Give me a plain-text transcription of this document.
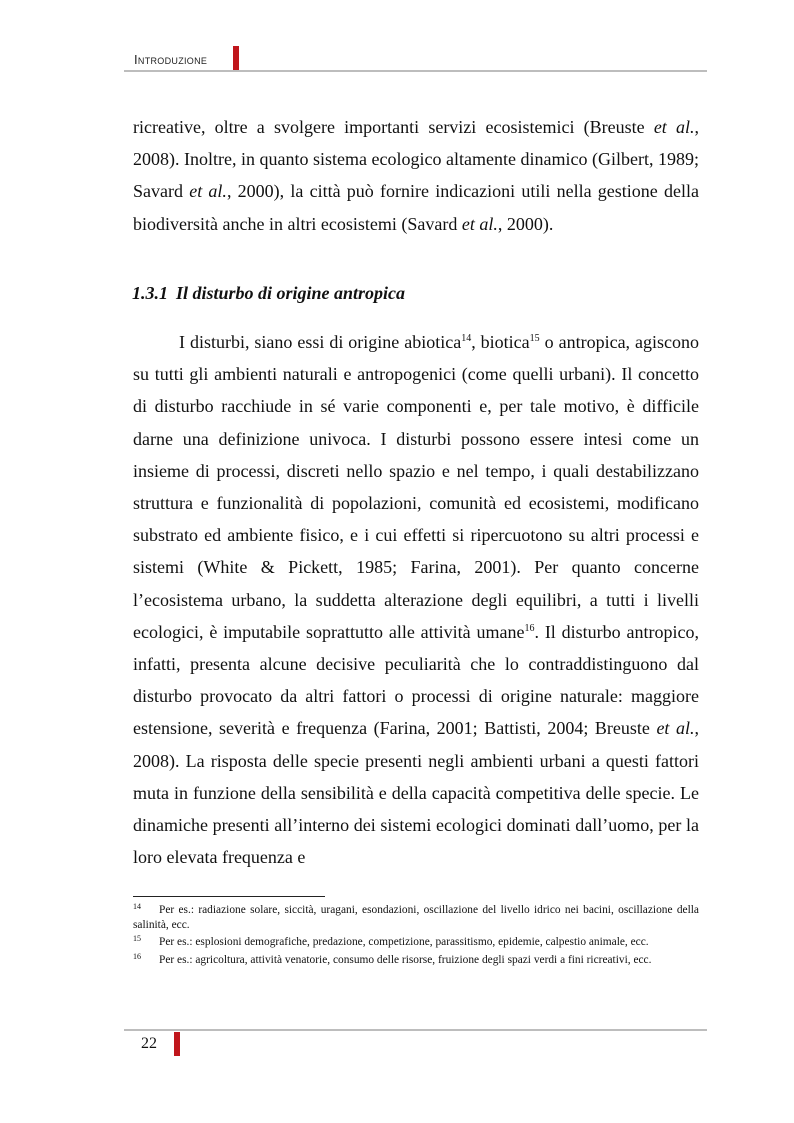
Introduzione

ricreative, oltre a svolgere importanti servizi ecosistemici (Breuste et al., 2008). Inoltre, in quanto sistema ecologico altamente dinamico (Gilbert, 1989; Savard et al., 2000), la città può fornire indicazioni utili nella gestione della biodiversità anche in altri ecosistemi (Savard et al., 2000).

1.3.1 Il disturbo di origine antropica

I disturbi, siano essi di origine abiotica$^{14}$, biotica$^{15}$ o antropica, agiscono su tutti gli ambienti naturali e antropogenici (come quelli urbani). Il concetto di disturbo racchiude in sé varie componenti e, per tale motivo, è difficile darne una definizione univoca. I disturbi possono essere intesi come un insieme di processi, discreti nello spazio e nel tempo, i quali destabilizzano struttura e funzionalità di popolazioni, comunità ed ecosistemi, modificano substrato ed ambiente fisico, e i cui effetti si ripercuotono su altri processi e sistemi (White & Pickett, 1985; Farina, 2001). Per quanto concerne l’ecosistema urbano, la suddetta alterazione degli equilibri, a tutti i livelli ecologici, è imputabile soprattutto alle attività umane$^{16}$. Il disturbo antropico, infatti, presenta alcune decisive peculiarità che lo contraddistinguono dal disturbo provocato da altri fattori o processi di origine naturale: maggiore estensione, severità e frequenza (Farina, 2001; Battisti, 2004; Breuste et al., 2008). La risposta delle specie presenti negli ambienti urbani a questi fattori muta in funzione della sensibilità e della capacità competitiva delle specie. Le dinamiche presenti all’interno dei sistemi ecologici dominati dall’uomo, per la loro elevata frequenza e

$^{14}$ Per es.: radiazione solare, siccità, uragani, esondazioni, oscillazione del livello idrico nei bacini, oscillazione della salinità, ecc.

$^{15}$ Per es.: esplosioni demografiche, predazione, competizione, parassitismo, epidemie, calpestio animale, ecc.

$^{16}$ Per es.: agricoltura, attività venatorie, consumo delle risorse, fruizione degli spazi verdi a fini ricreativi, ecc.

22
